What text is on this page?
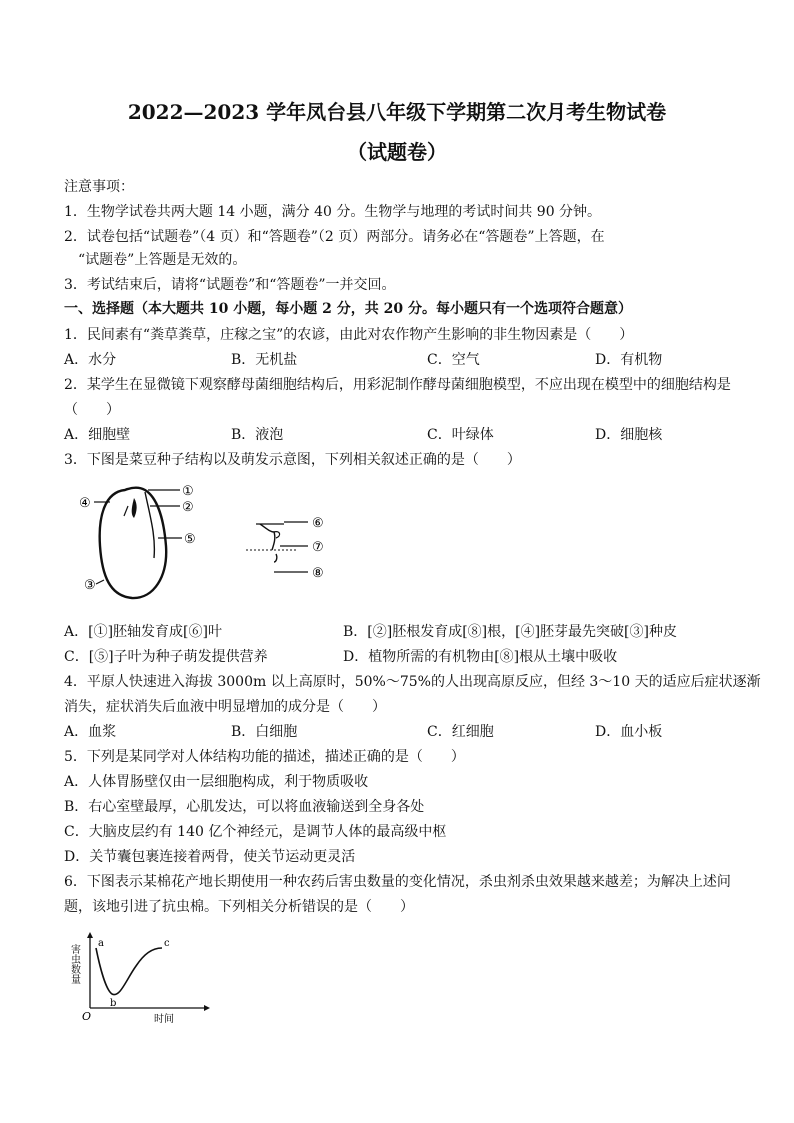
2022—2023 学年凤台县八年级下学期第二次月考生物试卷
（试题卷）
注意事项：
1．生物学试卷共两大题 14 小题，满分 40 分。生物学与地理的考试时间共 90 分钟。
2．试卷包括“试题卷”（4 页）和“答题卷”（2 页）两部分。请务必在“答题卷”上答题，在
“试题卷”上答题是无效的。
3．考试结束后，请将“试题卷”和“答题卷”一并交回。
一、选择题（本大题共 10 小题，每小题 2 分，共 20 分。每小题只有一个选项符合题意）
1．民间素有“粪草粪草，庄稼之宝”的农谚，由此对农作物产生影响的非生物因素是（　　）
A．水分	B．无机盐	C．空气	D．有机物
2．某学生在显微镜下观察酵母菌细胞结构后，用彩泥制作酵母菌细胞模型，不应出现在模型中的细胞结构是
（　　）
A．细胞壁	B．液泡	C．叶绿体	D．细胞核
3．下图是菜豆种子结构以及萌发示意图，下列相关叙述正确的是（　　）
①
②
③
④
⑤
⑥
⑦
⑧
A．[①]胚轴发育成[⑥]叶	B．[②]胚根发育成[⑧]根，[④]胚芽最先突破[③]种皮
C．[⑤]子叶为种子萌发提供营养	D．植物所需的有机物由[⑧]根从土壤中吸收
4．平原人快速进入海拔 3000m 以上高原时，50%～75%的人出现高原反应，但经 3～10 天的适应后症状逐渐
消失，症状消失后血液中明显增加的成分是（　　）
A．血浆	B．白细胞	C．红细胞	D．血小板
5．下列是某同学对人体结构功能的描述，描述正确的是（　　）
A．人体胃肠壁仅由一层细胞构成，利于物质吸收
B．右心室壁最厚，心肌发达，可以将血液输送到全身各处
C．大脑皮层约有 140 亿个神经元，是调节人体的最高级中枢
D．关节囊包裹连接着两骨，使关节运动更灵活
6．下图表示某棉花产地长期使用一种农药后害虫数量的变化情况，杀虫剂杀虫效果越来越差；为解决上述问
题，该地引进了抗虫棉。下列相关分析错误的是（　　）
a
b
c
O	时间
害虫数量
